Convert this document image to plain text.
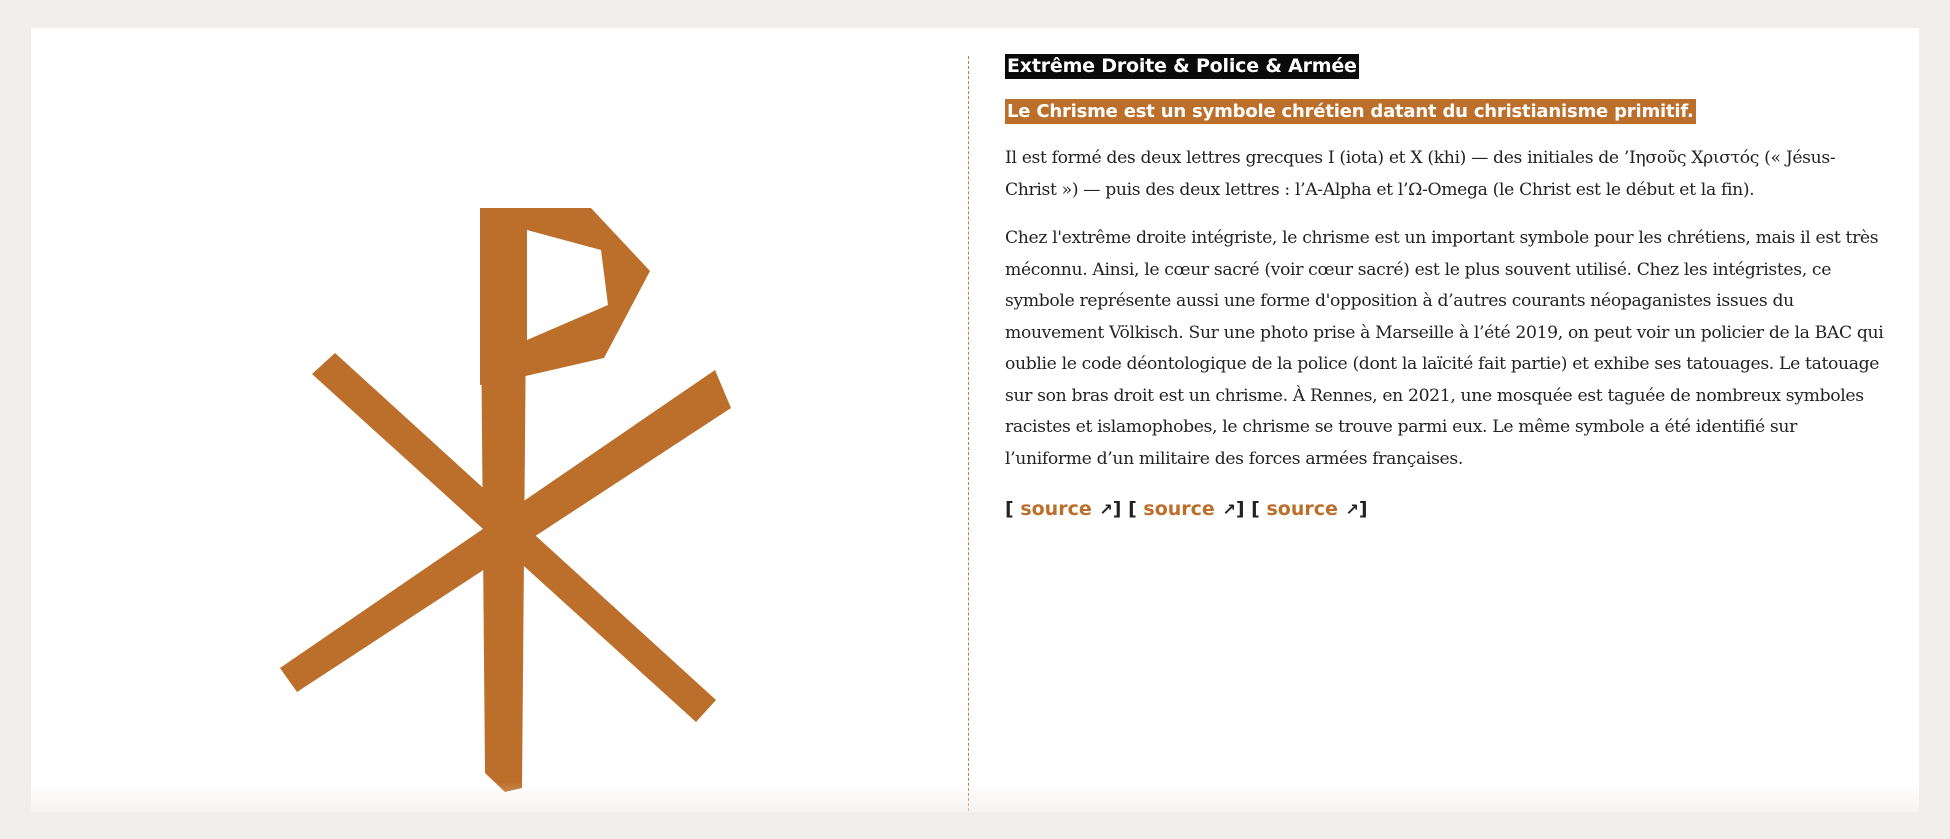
Extrême Droite & Police & Armée
Le Chrisme est un symbole chrétien datant du christianisme primitif.

Il est formé des deux lettres grecques I (iota) et X (khi) — des initiales de ’Ιησοῦς Χριστός (« Jésus-Christ ») — puis des deux lettres : l’A-Alpha et l’Ω-Omega (le Christ est le début et la fin).

Chez l'extrême droite intégriste, le chrisme est un important symbole pour les chrétiens, mais il est très méconnu. Ainsi, le cœur sacré (voir cœur sacré) est le plus souvent utilisé. Chez les intégristes, ce symbole représente aussi une forme d'opposition à d’autres courants néopaganistes issues du mouvement Völkisch. Sur une photo prise à Marseille à l’été 2019, on peut voir un policier de la BAC qui oublie le code déontologique de la police (dont la laïcité fait partie) et exhibe ses tatouages. Le tatouage sur son bras droit est un chrisme. À Rennes, en 2021, une mosquée est taguée de nombreux symboles racistes et islamophobes, le chrisme se trouve parmi eux. Le même symbole a été identifié sur l’uniforme d’un militaire des forces armées françaises.

[ source ↗] [ source ↗] [ source ↗]
